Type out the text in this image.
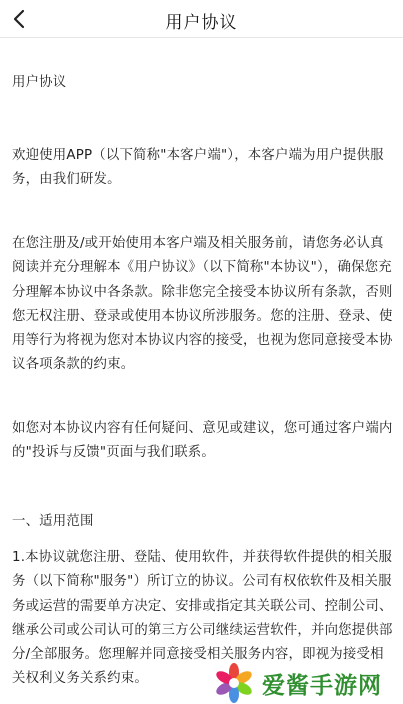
用户协议
用户协议
欢迎使用APP（以下简称"本客户端"），本客户端为用户提供服务，由我们研发。
在您注册及/或开始使用本客户端及相关服务前，请您务必认真阅读并充分理解本《用户协议》（以下简称"本协议"），确保您充分理解本协议中各条款。除非您完全接受本协议所有条款，否则您无权注册、登录或使用本协议所涉服务。您的注册、登录、使用等行为将视为您对本协议内容的接受，也视为您同意接受本协议各项条款的约束。
如您对本协议内容有任何疑问、意见或建议，您可通过客户端内的"投诉与反馈"页面与我们联系。
一、适用范围
1.本协议就您注册、登陆、使用软件，并获得软件提供的相关服务（以下简称"服务"）所订立的协议。公司有权依软件及相关服务或运营的需要单方决定、安排或指定其关联公司、控制公司、继承公司或公司认可的第三方公司继续运营软件，并向您提供部分/全部服务。您理解并同意接受相关服务内容，即视为接受相关权利义务关系约束。	爱酱手游网
